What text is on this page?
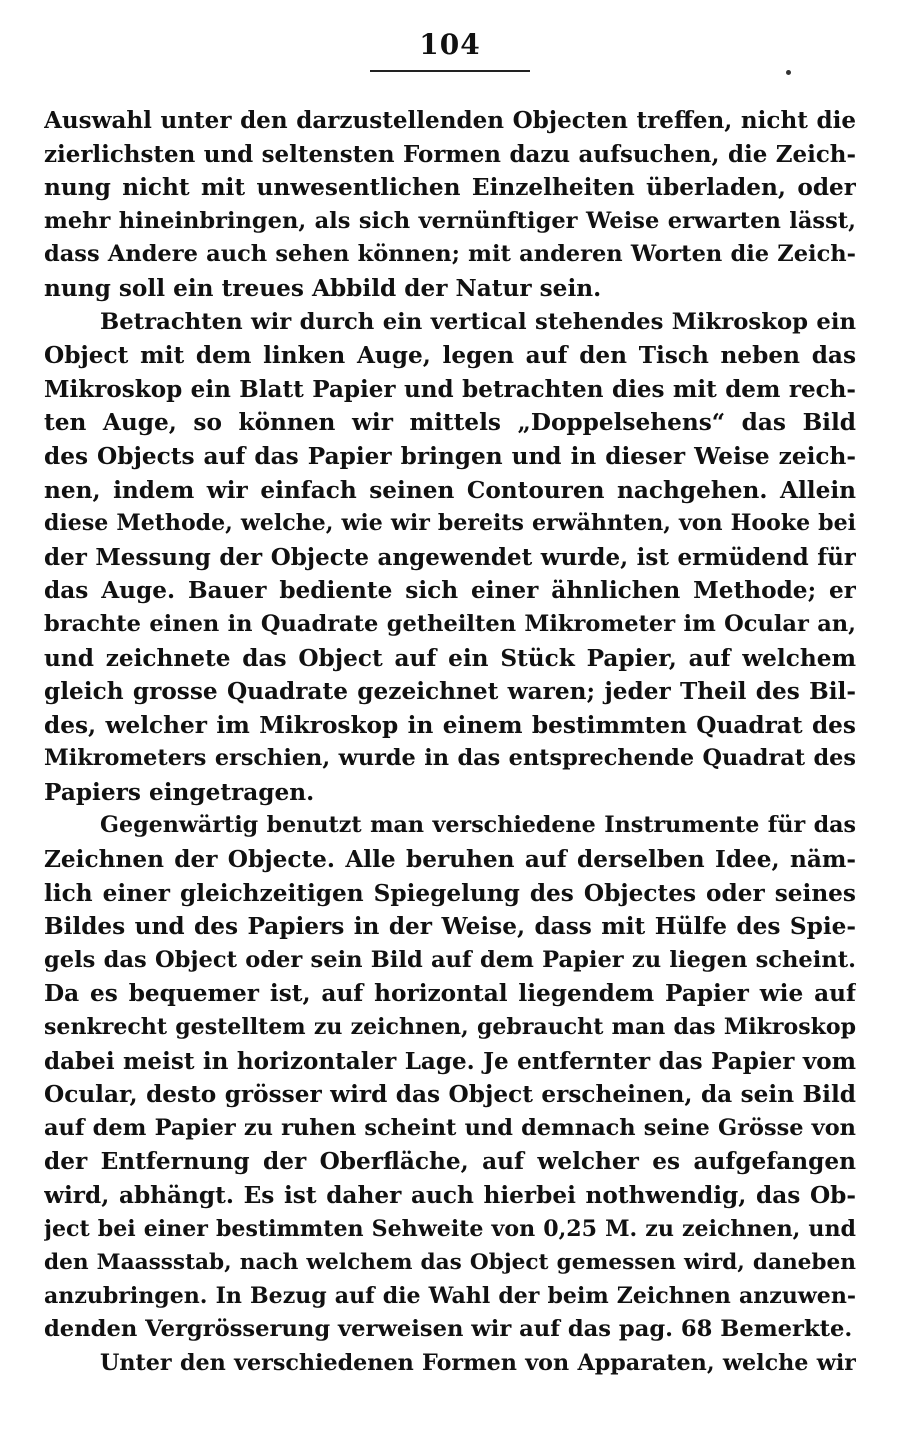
104
Auswahl unter den darzustellenden Objecten treffen, nicht die
zierlichsten und seltensten Formen dazu aufsuchen, die Zeich-
nung nicht mit unwesentlichen Einzelheiten überladen, oder
mehr hineinbringen, als sich vernünftiger Weise erwarten lässt,
dass Andere auch sehen können; mit anderen Worten die Zeich-
nung soll ein treues Abbild der Natur sein.
Betrachten wir durch ein vertical stehendes Mikroskop ein
Object mit dem linken Auge, legen auf den Tisch neben das
Mikroskop ein Blatt Papier und betrachten dies mit dem rech-
ten Auge, so können wir mittels „Doppelsehens“ das Bild
des Objects auf das Papier bringen und in dieser Weise zeich-
nen, indem wir einfach seinen Contouren nachgehen. Allein
diese Methode, welche, wie wir bereits erwähnten, von Hooke bei
der Messung der Objecte angewendet wurde, ist ermüdend für
das Auge. Bauer bediente sich einer ähnlichen Methode; er
brachte einen in Quadrate getheilten Mikrometer im Ocular an,
und zeichnete das Object auf ein Stück Papier, auf welchem
gleich grosse Quadrate gezeichnet waren; jeder Theil des Bil-
des, welcher im Mikroskop in einem bestimmten Quadrat des
Mikrometers erschien, wurde in das entsprechende Quadrat des
Papiers eingetragen.
Gegenwärtig benutzt man verschiedene Instrumente für das
Zeichnen der Objecte. Alle beruhen auf derselben Idee, näm-
lich einer gleichzeitigen Spiegelung des Objectes oder seines
Bildes und des Papiers in der Weise, dass mit Hülfe des Spie-
gels das Object oder sein Bild auf dem Papier zu liegen scheint.
Da es bequemer ist, auf horizontal liegendem Papier wie auf
senkrecht gestelltem zu zeichnen, gebraucht man das Mikroskop
dabei meist in horizontaler Lage. Je entfernter das Papier vom
Ocular, desto grösser wird das Object erscheinen, da sein Bild
auf dem Papier zu ruhen scheint und demnach seine Grösse von
der Entfernung der Oberfläche, auf welcher es aufgefangen
wird, abhängt. Es ist daher auch hierbei nothwendig, das Ob-
ject bei einer bestimmten Sehweite von 0,25 M. zu zeichnen, und
den Maassstab, nach welchem das Object gemessen wird, daneben
anzubringen. In Bezug auf die Wahl der beim Zeichnen anzuwen-
denden Vergrösserung verweisen wir auf das pag. 68 Bemerkte.
Unter den verschiedenen Formen von Apparaten, welche wir
